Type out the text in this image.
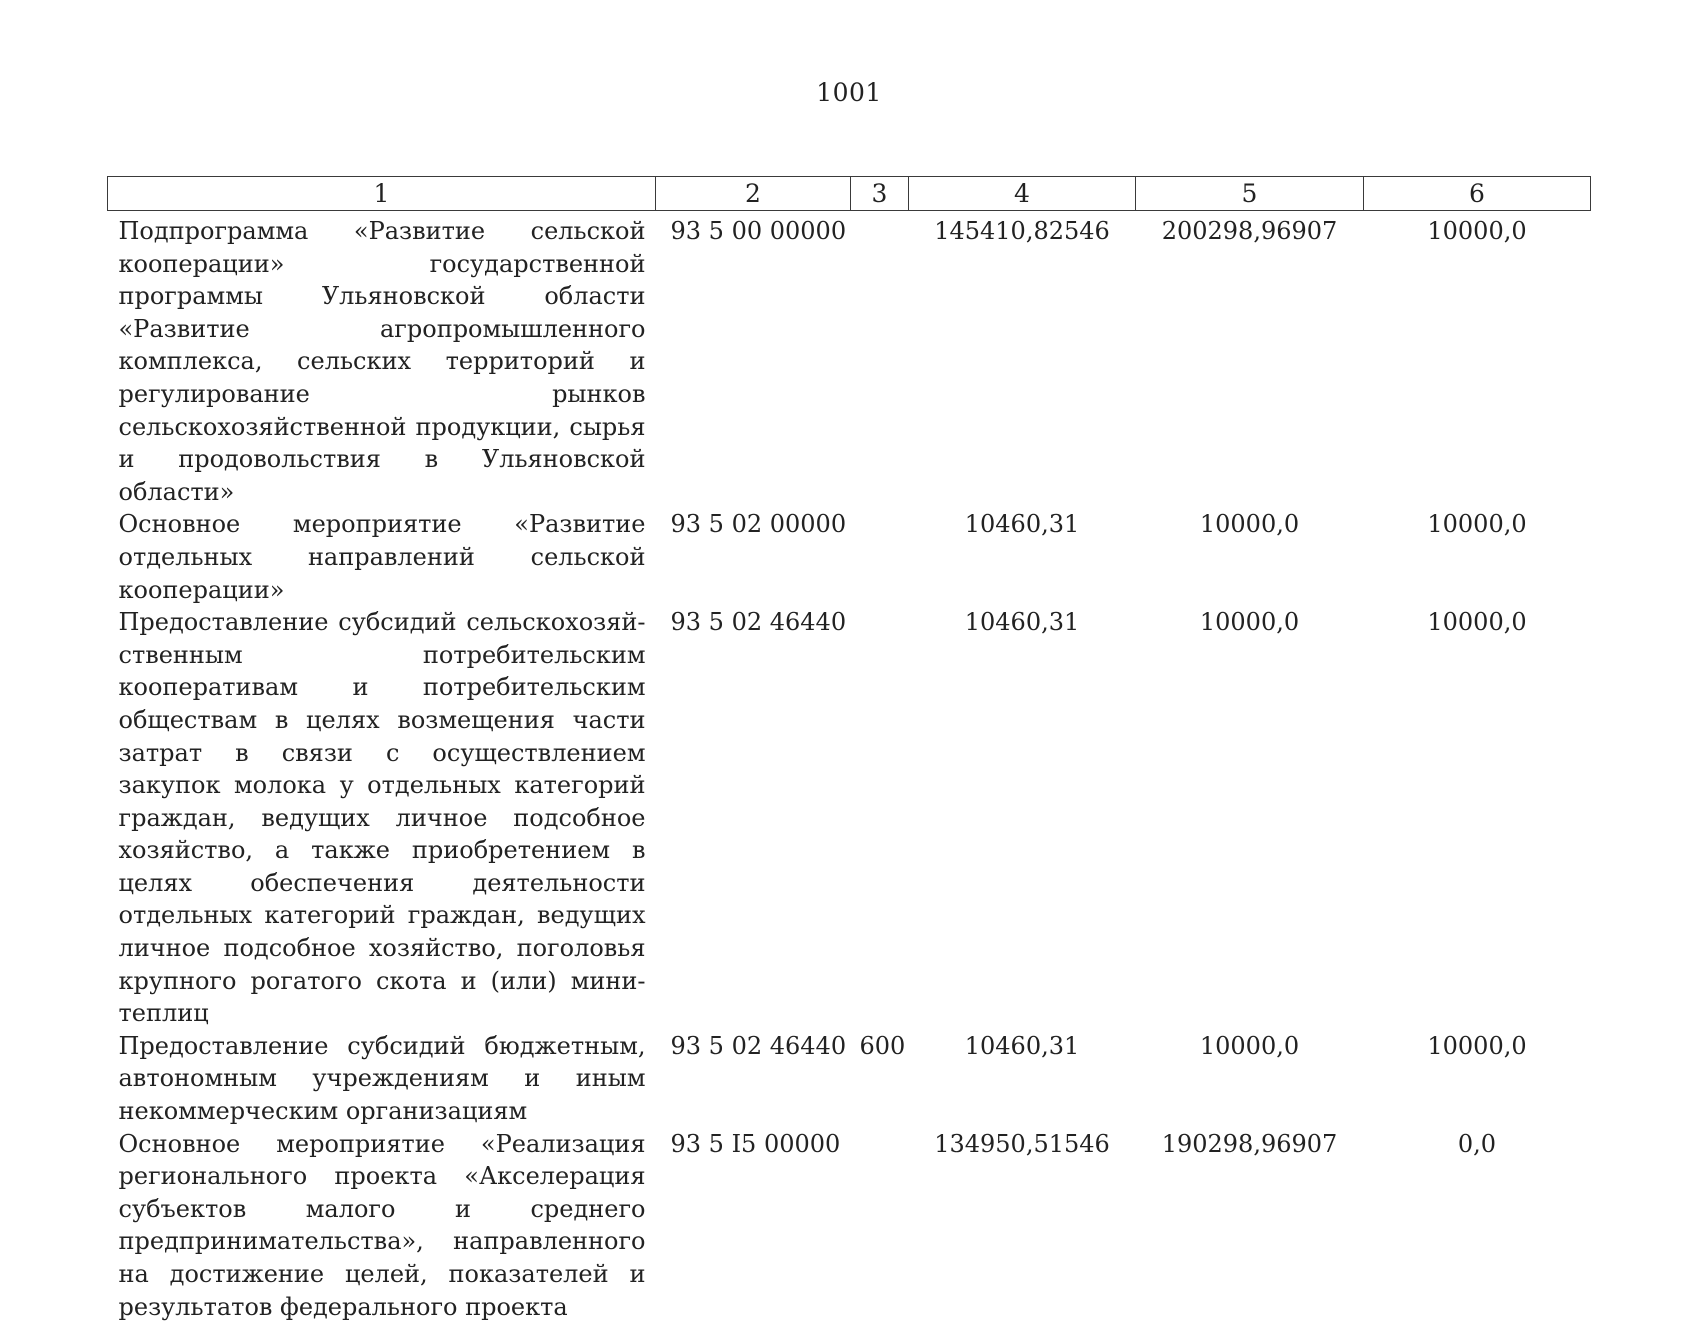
1001
1	2	3	4	5	6
Подпрограмма «Развитие сельской кооперации» государственной программы Ульяновской области «Развитие агропромышленного комплекса, сельских территорий и регулирование рынков сельскохозяйственной продукции, сырья и продовольствия в Ульяновской области»	93 5 00 00000		145410,82546	200298,96907	10000,0
Основное мероприятие «Развитие отдельных направлений сельской кооперации»	93 5 02 00000		10460,31	10000,0	10000,0
Предоставление субсидий сельскохозяйственным потребительским кооперативам и потребительским обществам в целях возмещения части затрат в связи с осуществлением закупок молока у отдельных категорий граждан, ведущих личное подсобное хозяйство, а также приобретением в целях обеспечения деятельности отдельных категорий граждан, ведущих личное подсобное хозяйство, поголовья крупного рогатого скота и (или) мини-теплиц	93 5 02 46440		10460,31	10000,0	10000,0
Предоставление субсидий бюджетным, автономным учреждениям и иным некоммерческим организациям	93 5 02 46440	600	10460,31	10000,0	10000,0
Основное мероприятие «Реализация регионального проекта «Акселерация субъектов малого и среднего предпринимательства», направленного на достижение целей, показателей и результатов федерального проекта	93 5 I5 00000		134950,51546	190298,96907	0,0
